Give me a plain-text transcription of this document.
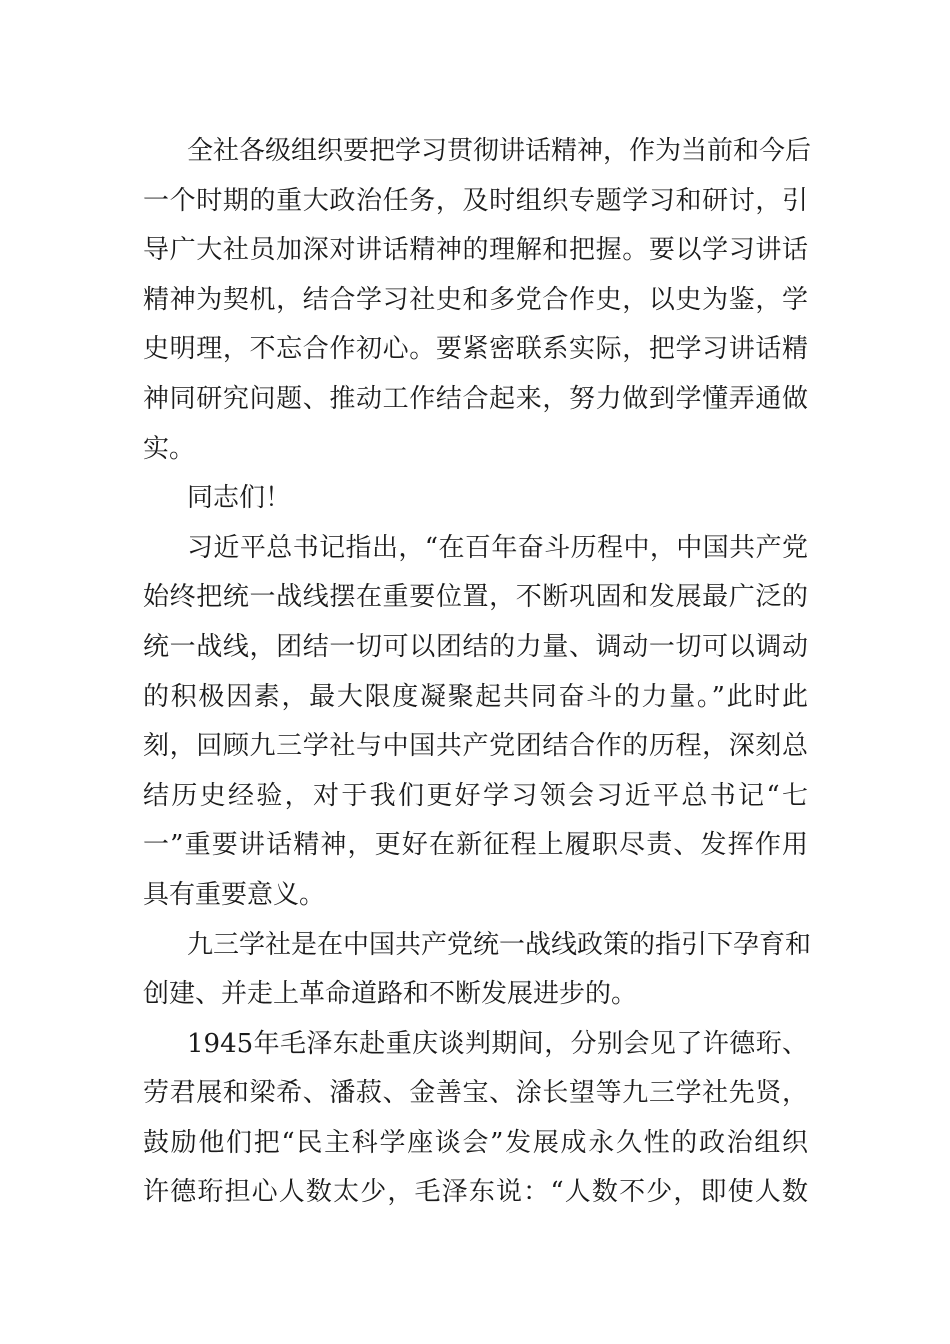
全社各级组织要把学习贯彻讲话精神，作为当前和今后
一个时期的重大政治任务，及时组织专题学习和研讨，引
导广大社员加深对讲话精神的理解和把握。要以学习讲话
精神为契机，结合学习社史和多党合作史，以史为鉴，学
史明理，不忘合作初心。要紧密联系实际，把学习讲话精
神同研究问题、推动工作结合起来，努力做到学懂弄通做
实。
同志们！
习近平总书记指出，“在百年奋斗历程中，中国共产党
始终把统一战线摆在重要位置，不断巩固和发展最广泛的
统一战线，团结一切可以团结的力量、调动一切可以调动
的积极因素，最大限度凝聚起共同奋斗的力量。”此时此
刻，回顾九三学社与中国共产党团结合作的历程，深刻总
结历史经验，对于我们更好学习领会习近平总书记“七
一”重要讲话精神，更好在新征程上履职尽责、发挥作用
具有重要意义。
九三学社是在中国共产党统一战线政策的指引下孕育和
创建、并走上革命道路和不断发展进步的。
1945年毛泽东赴重庆谈判期间，分别会见了许德珩、
劳君展和梁希、潘菽、金善宝、涂长望等九三学社先贤，
鼓励他们把“民主科学座谈会”发展成永久性的政治组织
许德珩担心人数太少，毛泽东说：“人数不少，即使人数
